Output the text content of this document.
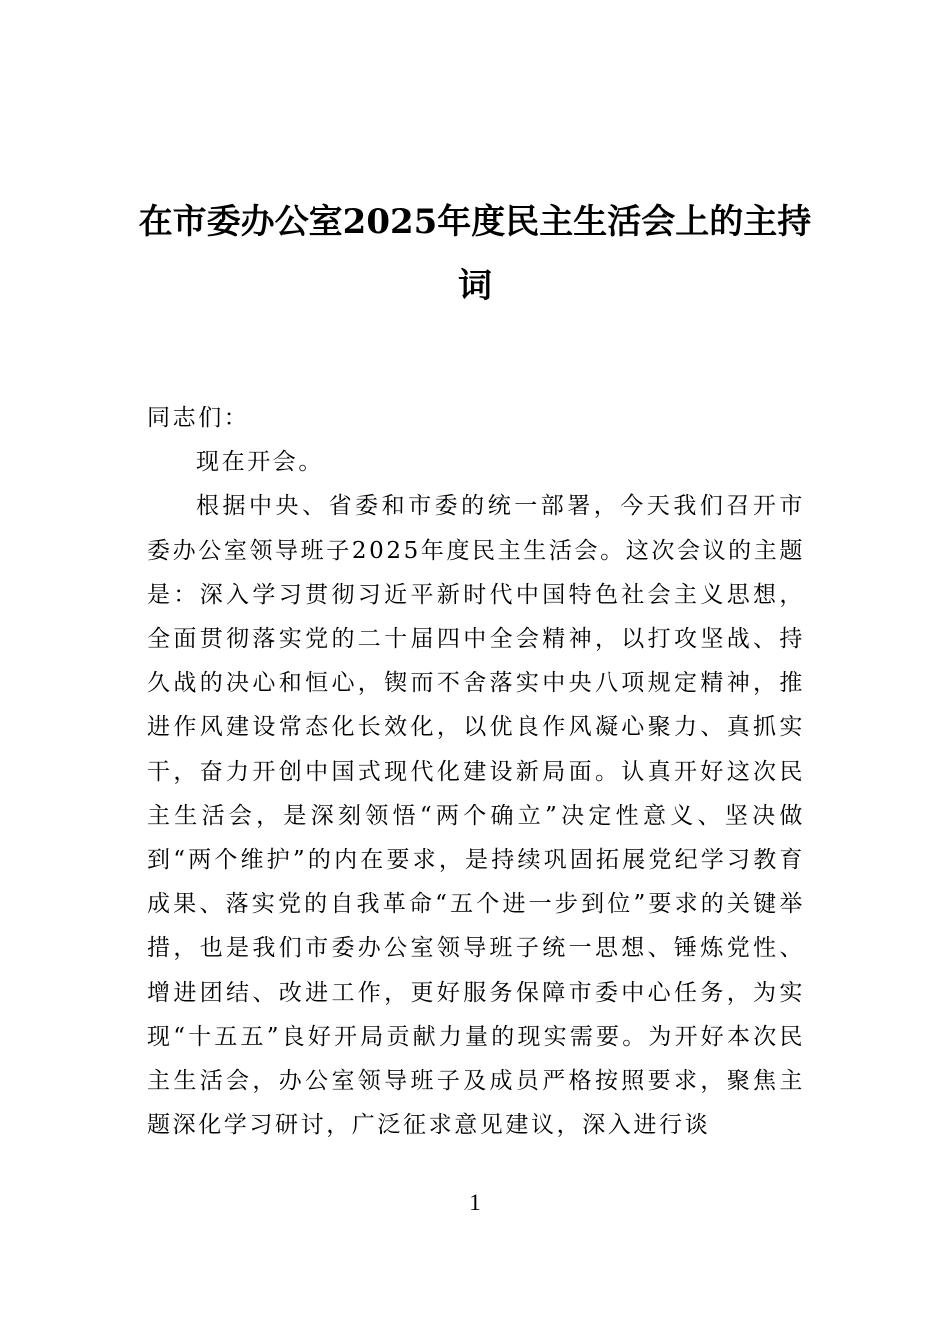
在市委办公室2025年度民主生活会上的主持词

同志们：

现在开会。

根据中央、省委和市委的统一部署，今天我们召开市委办公室领导班子2025年度民主生活会。这次会议的主题是：深入学习贯彻习近平新时代中国特色社会主义思想，全面贯彻落实党的二十届四中全会精神，以打攻坚战、持久战的决心和恒心，锲而不舍落实中央八项规定精神，推进作风建设常态化长效化，以优良作风凝心聚力、真抓实干，奋力开创中国式现代化建设新局面。认真开好这次民主生活会，是深刻领悟“两个确立”决定性意义、坚决做到“两个维护”的内在要求，是持续巩固拓展党纪学习教育成果、落实党的自我革命“五个进一步到位”要求的关键举措，也是我们市委办公室领导班子统一思想、锤炼党性、增进团结、改进工作，更好服务保障市委中心任务，为实现“十五五”良好开局贡献力量的现实需要。为开好本次民主生活会，办公室领导班子及成员严格按照要求，聚焦主题深化学习研讨，广泛征求意见建议，深入进行谈

1
